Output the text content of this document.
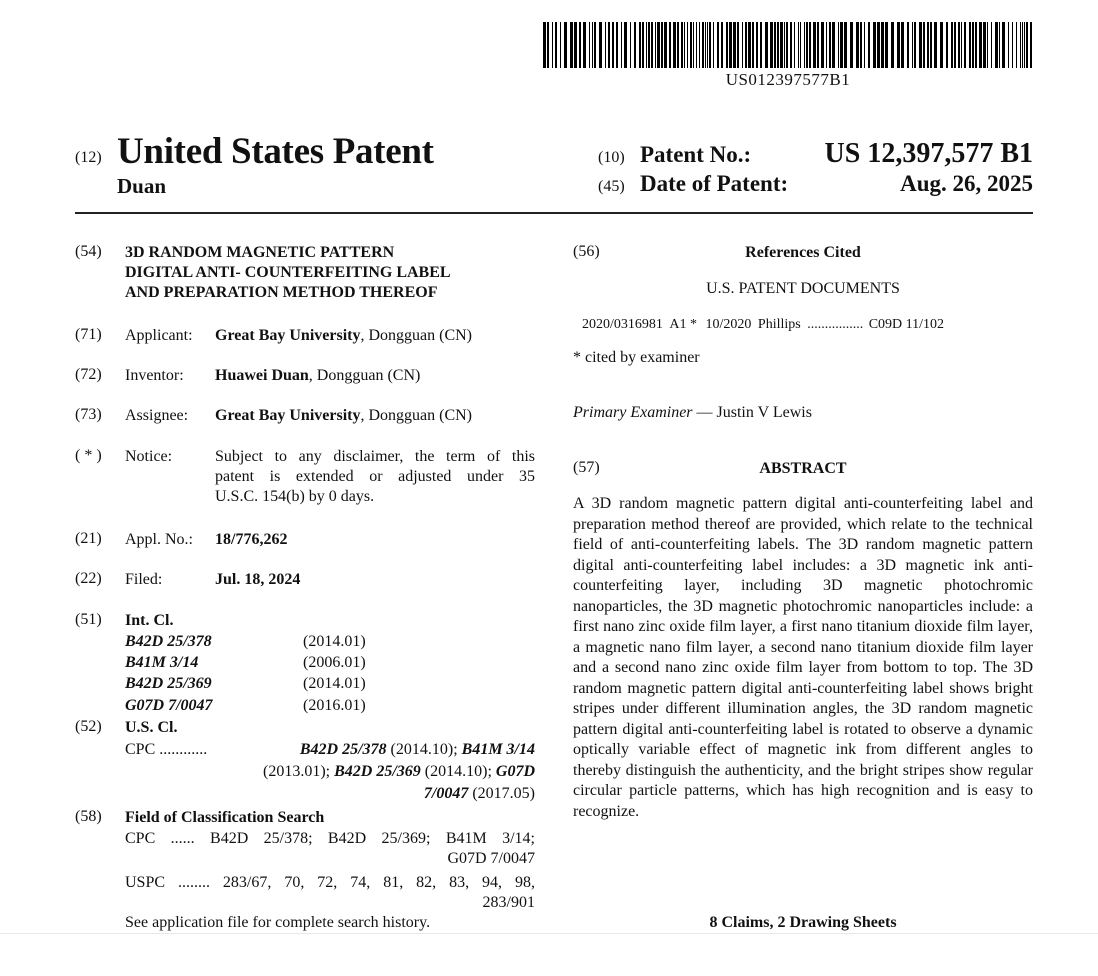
US012397577B1
(12) United States Patent
Duan
(10) Patent No.:	US 12,397,577 B1
(45) Date of Patent:	Aug. 26, 2025
(54) 3D RANDOM MAGNETIC PATTERN
DIGITAL ANTI- COUNTERFEITING LABEL
AND PREPARATION METHOD THEREOF
(71) Applicant: Great Bay University, Dongguan (CN)
(72) Inventor: Huawei Duan, Dongguan (CN)
(73) Assignee: Great Bay University, Dongguan (CN)
( * ) Notice:	Subject to any disclaimer, the term of this
patent is extended or adjusted under 35
U.S.C. 154(b) by 0 days.
(21) Appl. No.: 18/776,262
(22) Filed:	Jul. 18, 2024
(51) Int. Cl.
B42D 25/378	(2014.01)
B41M 3/14	(2006.01)
B42D 25/369	(2014.01)
G07D 7/0047	(2016.01)
(52) U.S. Cl.
CPC ............	B42D 25/378 (2014.10); B41M 3/14
(2013.01); B42D 25/369 (2014.10); G07D
7/0047 (2017.05)
(58) Field of Classification Search
CPC ...... B42D 25/378; B42D 25/369; B41M 3/14;
G07D 7/0047
USPC ........ 283/67, 70, 72, 74, 81, 82, 83, 94, 98,
283/901
See application file for complete search history.
(56)	References Cited
U.S. PATENT DOCUMENTS
2020/0316981 A1 * 10/2020 Phillips ................ C09D 11/102
* cited by examiner
Primary Examiner — Justin V Lewis
(57)	ABSTRACT
A 3D random magnetic pattern digital anti-counterfeiting label and preparation method thereof are provided, which relate to the technical field of anti-counterfeiting labels. The 3D random magnetic pattern digital anti-counterfeiting label includes: a 3D magnetic ink anti-counterfeiting layer, including 3D magnetic photochromic nanoparticles, the 3D magnetic photochromic nanoparticles include: a first nano zinc oxide film layer, a first nano titanium dioxide film layer, a magnetic nano film layer, a second nano titanium dioxide film layer and a second nano zinc oxide film layer from bottom to top. The 3D random magnetic pattern digital anti-counterfeiting label shows bright stripes under different illumination angles, the 3D random magnetic pattern digital anti-counterfeiting label is rotated to observe a dynamic optically variable effect of magnetic ink from different angles to thereby distinguish the authenticity, and the bright stripes show regular circular particle patterns, which has high recognition and is easy to recognize.
8 Claims, 2 Drawing Sheets
